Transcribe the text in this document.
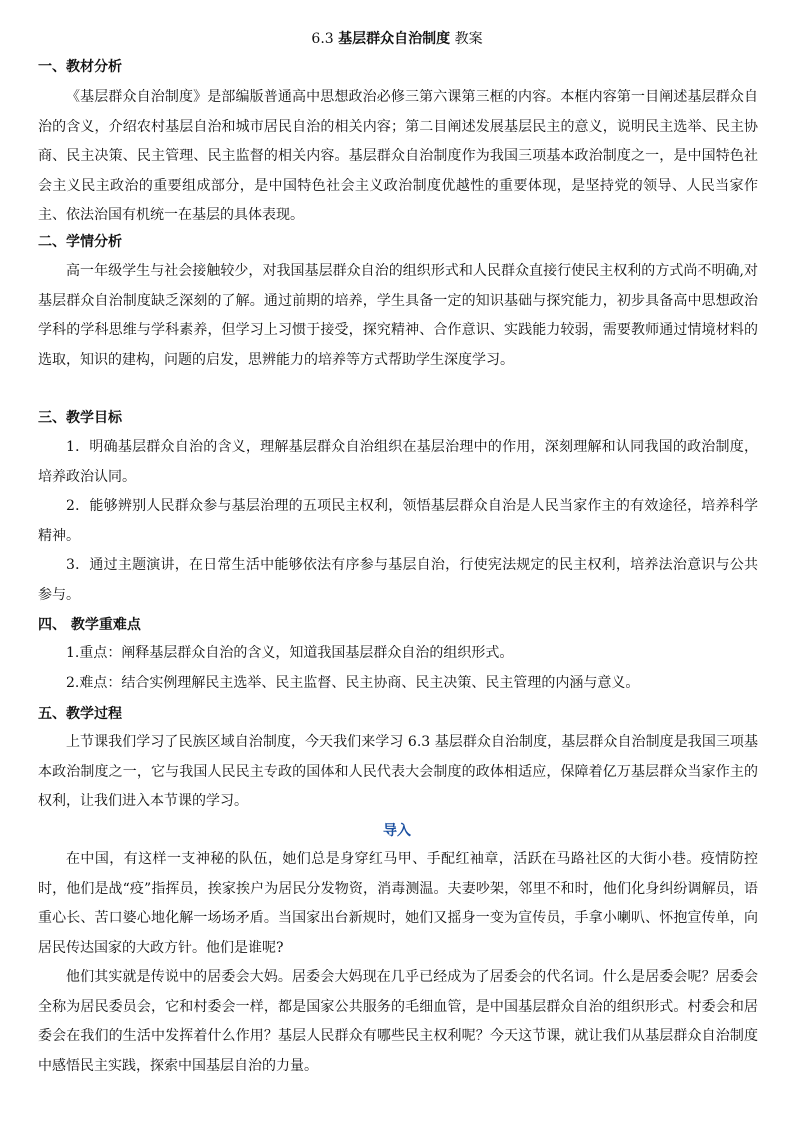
6.3 基层群众自治制度 教案
一、教材分析
《基层群众自治制度》是部编版普通高中思想政治必修三第六课第三框的内容。本框内容第一目阐述基层群众自治的含义，介绍农村基层自治和城市居民自治的相关内容；第二目阐述发展基层民主的意义，说明民主选举、民主协商、民主决策、民主管理、民主监督的相关内容。基层群众自治制度作为我国三项基本政治制度之一，是中国特色社会主义民主政治的重要组成部分，是中国特色社会主义政治制度优越性的重要体现，是坚持党的领导、人民当家作主、依法治国有机统一在基层的具体表现。
二、学情分析
高一年级学生与社会接触较少，对我国基层群众自治的组织形式和人民群众直接行使民主权利的方式尚不明确,对基层群众自治制度缺乏深刻的了解。通过前期的培养，学生具备一定的知识基础与探究能力，初步具备高中思想政治学科的学科思维与学科素养，但学习上习惯于接受，探究精神、合作意识、实践能力较弱，需要教师通过情境材料的选取，知识的建构，问题的启发，思辨能力的培养等方式帮助学生深度学习。
三、教学目标
1．明确基层群众自治的含义，理解基层群众自治组织在基层治理中的作用，深刻理解和认同我国的政治制度，培养政治认同。
2．能够辨别人民群众参与基层治理的五项民主权利，领悟基层群众自治是人民当家作主的有效途径，培养科学精神。
3．通过主题演讲，在日常生活中能够依法有序参与基层自治，行使宪法规定的民主权利，培养法治意识与公共参与。
四、 教学重难点
1.重点：阐释基层群众自治的含义，知道我国基层群众自治的组织形式。
2.难点：结合实例理解民主选举、民主监督、民主协商、民主决策、民主管理的内涵与意义。
五、教学过程
上节课我们学习了民族区域自治制度，今天我们来学习 6.3 基层群众自治制度，基层群众自治制度是我国三项基本政治制度之一，它与我国人民民主专政的国体和人民代表大会制度的政体相适应，保障着亿万基层群众当家作主的权利，让我们进入本节课的学习。
导入
在中国，有这样一支神秘的队伍，她们总是身穿红马甲、手配红袖章，活跃在马路社区的大街小巷。疫情防控时，他们是战“疫”指挥员，挨家挨户为居民分发物资，消毒测温。夫妻吵架，邻里不和时，他们化身纠纷调解员，语重心长、苦口婆心地化解一场场矛盾。当国家出台新规时，她们又摇身一变为宣传员，手拿小喇叭、怀抱宣传单，向居民传达国家的大政方针。他们是谁呢?
他们其实就是传说中的居委会大妈。居委会大妈现在几乎已经成为了居委会的代名词。什么是居委会呢？居委会全称为居民委员会，它和村委会一样，都是国家公共服务的毛细血管，是中国基层群众自治的组织形式。村委会和居委会在我们的生活中发挥着什么作用？基层人民群众有哪些民主权利呢？今天这节课，就让我们从基层群众自治制度中感悟民主实践，探索中国基层自治的力量。
